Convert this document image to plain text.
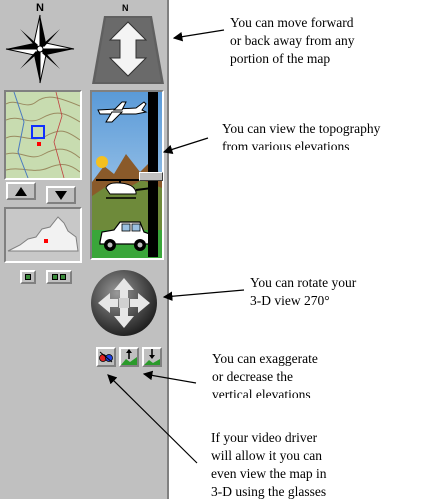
N	N
You can move forward
or back away from any
portion of the map
You can view the topography
from various elevations
You can rotate your
3-D view 270°
You can exaggerate
or decrease the
vertical elevations
If your video driver
will allow it you can
even view the map in
3-D using the glasses
